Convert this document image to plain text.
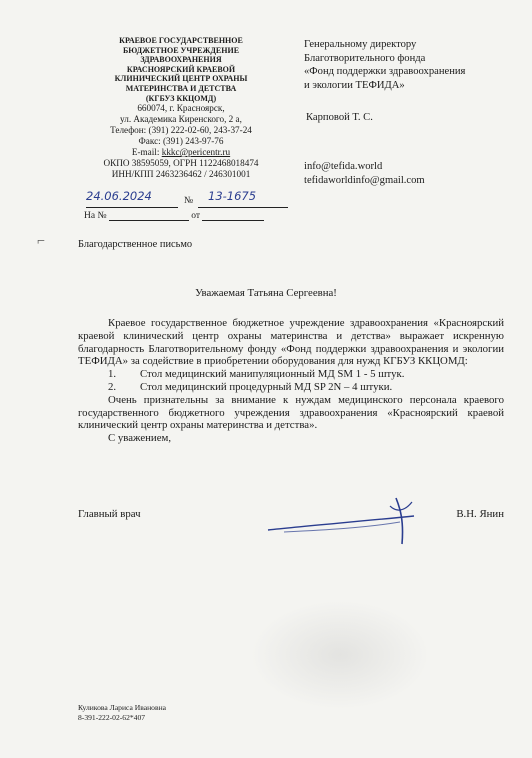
КРАЕВОЕ ГОСУДАРСТВЕННОЕ
БЮДЖЕТНОЕ УЧРЕЖДЕНИЕ
ЗДРАВООХРАНЕНИЯ
КРАСНОЯРСКИЙ КРАЕВОЙ
КЛИНИЧЕСКИЙ ЦЕНТР ОХРАНЫ
МАТЕРИНСТВА И ДЕТСТВА
(КГБУЗ ККЦОМД)
660074, г. Красноярск,
ул. Академика Киренского, 2 а,
Телефон: (391) 222-02-60, 243-37-24
Факс: (391) 243-97-76
E-mail: kkkc@pericentr.ru
ОКПО 38595059, ОГРН 1122468018474
ИНН/КПП 2463236462 / 246301001
24.06.2024	№ 13-1675
На №	от
Генеральному директору
Благотворительного фонда
«Фонд поддержки здравоохранения
и экологии ТЕФИДА»
Карповой Т. С.
info@tefida.world
tefidaworldinfo@gmail.com
⌐	Благодарственное письмо
Уважаемая Татьяна Сергеевна!

Краевое государственное бюджетное учреждение здравоохранения «Красноярский краевой клинический центр охраны материнства и детства» выражает искренную благодарность Благотворительному фонду «Фонд поддержки здравоохранения и экологии ТЕФИДА» за содействие в приобретении оборудования для нужд КГБУЗ ККЦОМД:

1. Стол медицинский манипуляционный МД SM 1 - 5 штук.

2. Стол медицинский процедурный МД SP 2N – 4 штуки.

Очень признательны за внимание к нуждам медицинского персонала краевого государственного бюджетного учреждения здравоохранения «Красноярский краевой клинический центр охраны материнства и детства».

С уважением,

Главный врач	В.Н. Янин
Куликова Лариса Ивановна
8-391-222-02-62*407
